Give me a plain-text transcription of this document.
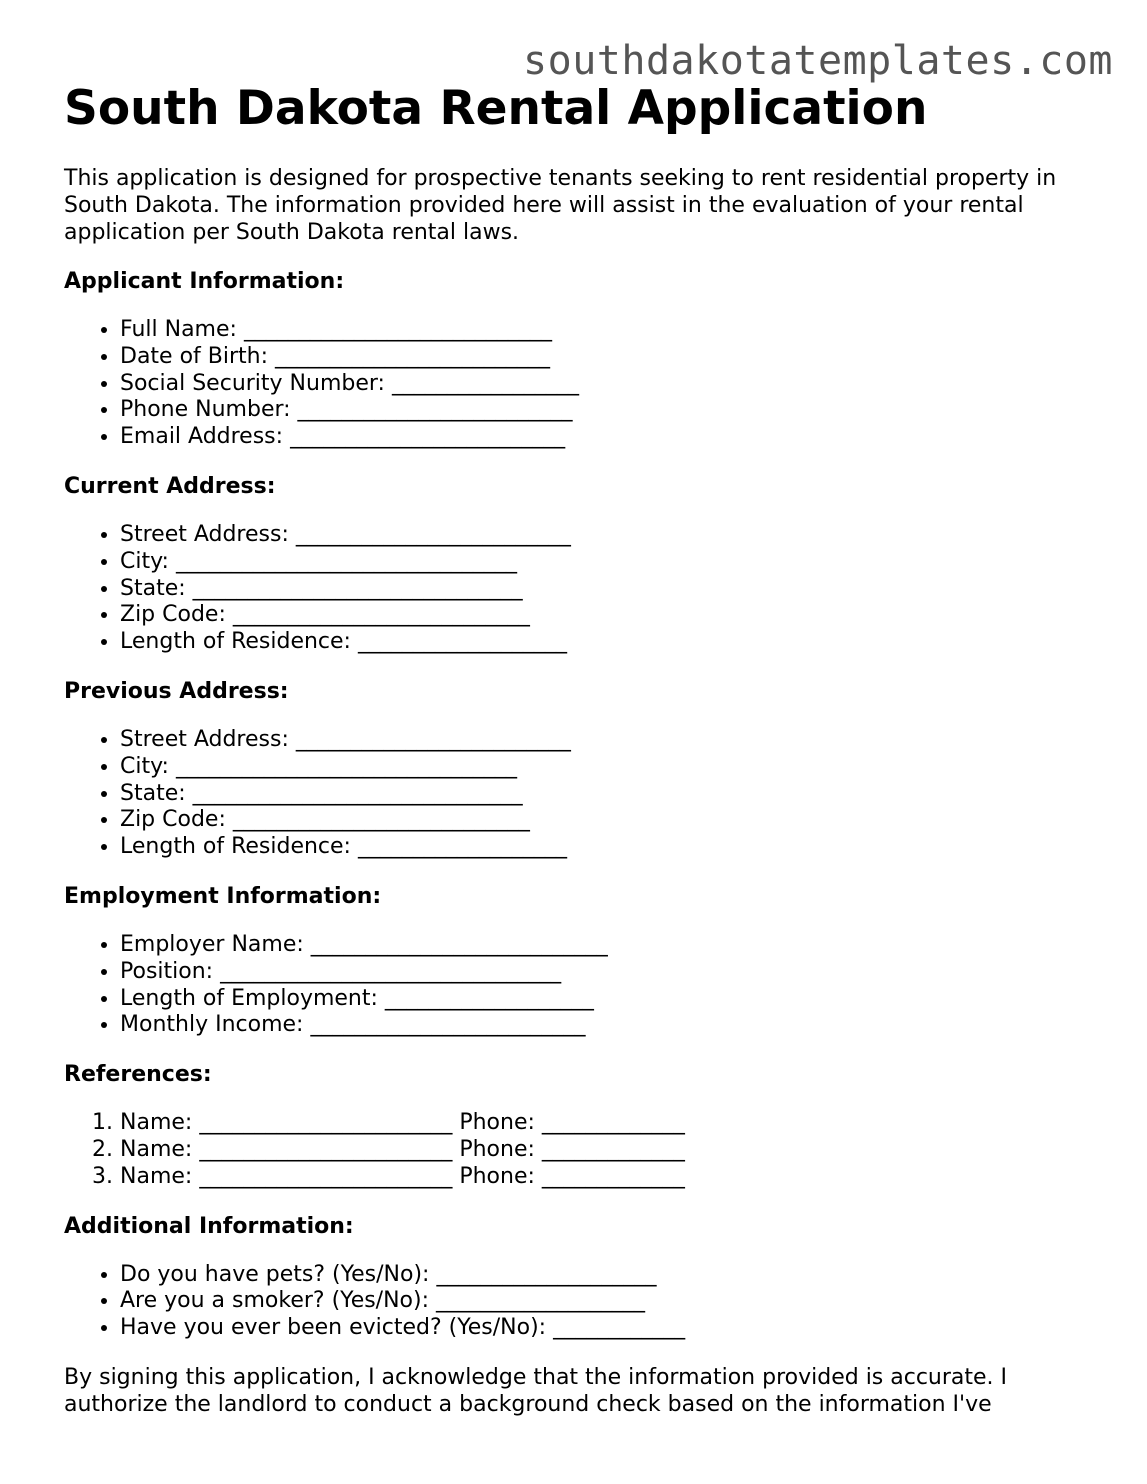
southdakotatemplates.com
South Dakota Rental Application

This application is designed for prospective tenants seeking to rent residential property in South Dakota. The information provided here will assist in the evaluation of your rental application per South Dakota rental laws.

Applicant Information:
• Full Name: ____________________________
• Date of Birth: _________________________
• Social Security Number: _________________
• Phone Number: _________________________
• Email Address: _________________________
Current Address:
• Street Address: _________________________
• City: _______________________________
• State: ______________________________
• Zip Code: ___________________________
• Length of Residence: ___________________
Previous Address:
• Street Address: _________________________
• City: _______________________________
• State: ______________________________
• Zip Code: ___________________________
• Length of Residence: ___________________
Employment Information:
• Employer Name: ___________________________
• Position: _______________________________
• Length of Employment: ___________________
• Monthly Income: _________________________
References:
1. Name: _______________________ Phone: _____________
2. Name: _______________________ Phone: _____________
3. Name: _______________________ Phone: _____________
Additional Information:
• Do you have pets? (Yes/No): ____________________
• Are you a smoker? (Yes/No): ___________________
• Have you ever been evicted? (Yes/No): ____________

By signing this application, I acknowledge that the information provided is accurate. I authorize the landlord to conduct a background check based on the information I've
